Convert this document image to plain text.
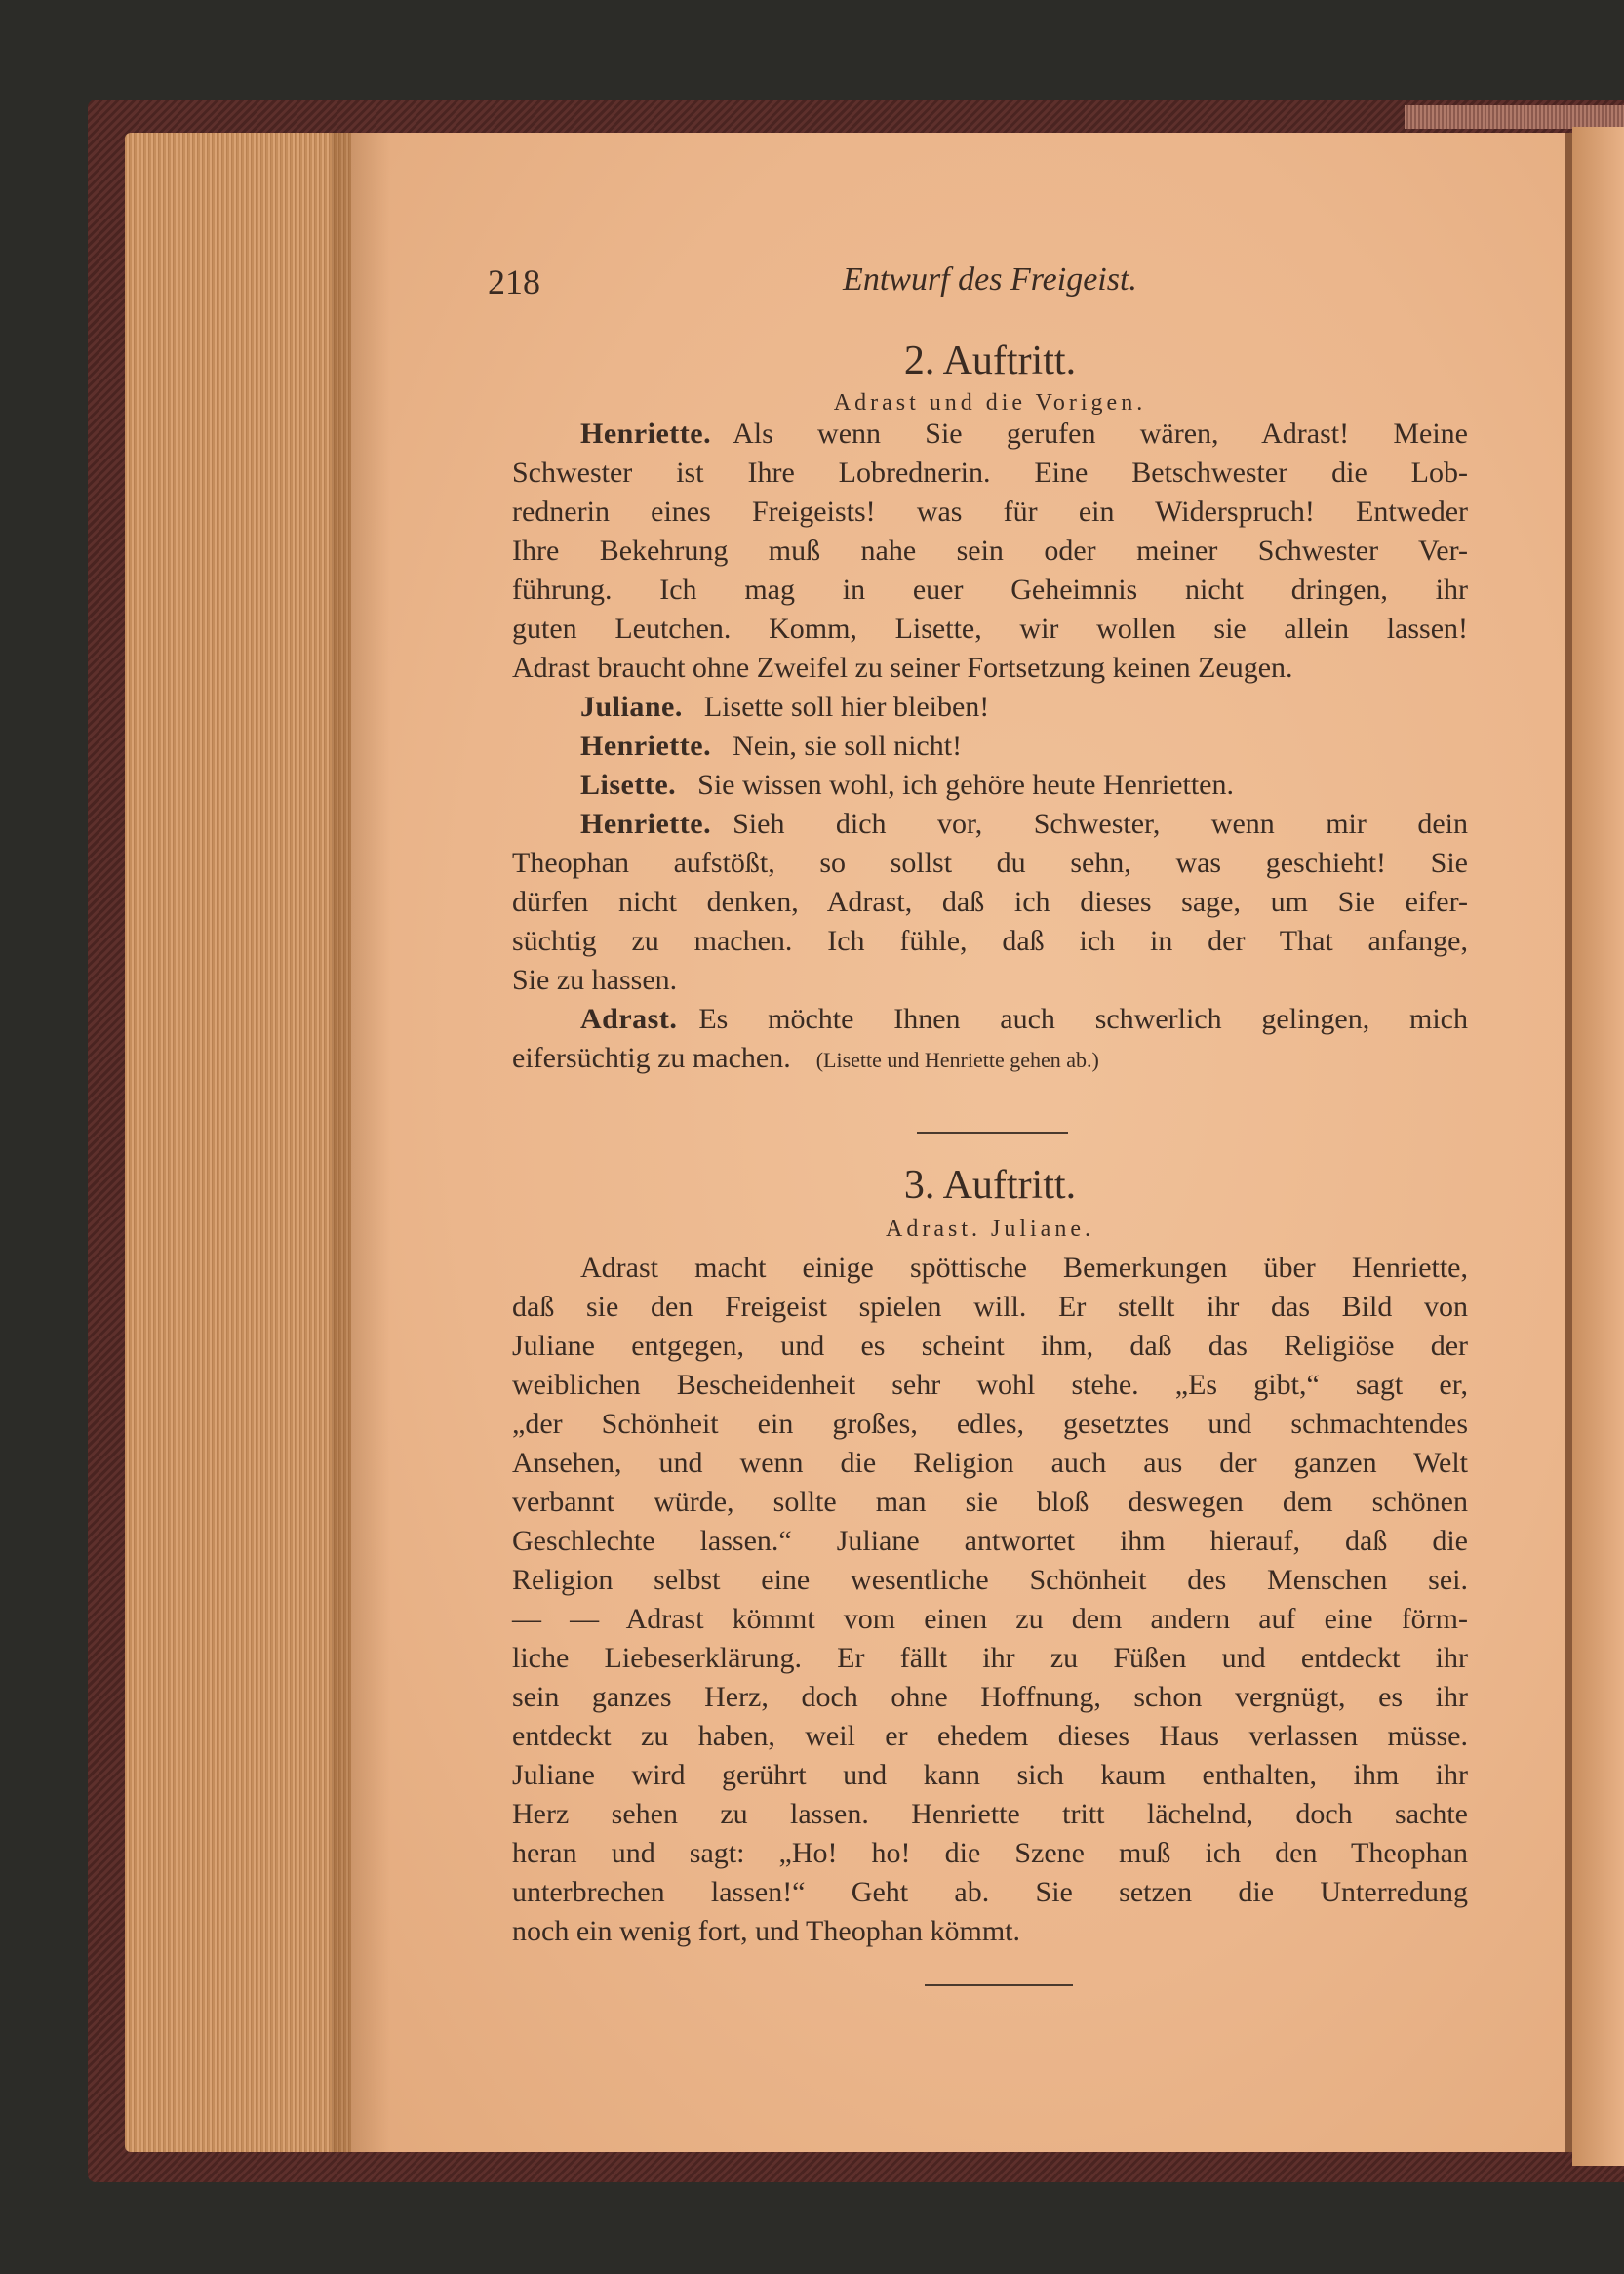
218	Entwurf des Freigeist.
2. Auftritt.
Adrast und die Vorigen.
Henriette. Als wenn Sie gerufen wären, Adrast! Meine
Schwester ist Ihre Lobrednerin. Eine Betschwester die Lob-
rednerin eines Freigeists! was für ein Widerspruch! Entweder
Ihre Bekehrung muß nahe sein oder meiner Schwester Ver-
führung. Ich mag in euer Geheimnis nicht dringen, ihr
guten Leutchen. Komm, Lisette, wir wollen sie allein lassen!
Adrast braucht ohne Zweifel zu seiner Fortsetzung keinen Zeugen.
Juliane. Lisette soll hier bleiben!
Henriette. Nein, sie soll nicht!
Lisette. Sie wissen wohl, ich gehöre heute Henrietten.
Henriette. Sieh dich vor, Schwester, wenn mir dein
Theophan aufstößt, so sollst du sehn, was geschieht! Sie
dürfen nicht denken, Adrast, daß ich dieses sage, um Sie eifer-
süchtig zu machen. Ich fühle, daß ich in der That anfange,
Sie zu hassen.
Adrast. Es möchte Ihnen auch schwerlich gelingen, mich
eifersüchtig zu machen. (Lisette und Henriette gehen ab.)
3. Auftritt.
Adrast. Juliane.
Adrast macht einige spöttische Bemerkungen über Henriette,
daß sie den Freigeist spielen will. Er stellt ihr das Bild von
Juliane entgegen, und es scheint ihm, daß das Religiöse der
weiblichen Bescheidenheit sehr wohl stehe. „Es gibt,“ sagt er,
„der Schönheit ein großes, edles, gesetztes und schmachtendes
Ansehen, und wenn die Religion auch aus der ganzen Welt
verbannt würde, sollte man sie bloß deswegen dem schönen
Geschlechte lassen.“ Juliane antwortet ihm hierauf, daß die
Religion selbst eine wesentliche Schönheit des Menschen sei.
— — Adrast kömmt vom einen zu dem andern auf eine förm-
liche Liebeserklärung. Er fällt ihr zu Füßen und entdeckt ihr
sein ganzes Herz, doch ohne Hoffnung, schon vergnügt, es ihr
entdeckt zu haben, weil er ehedem dieses Haus verlassen müsse.
Juliane wird gerührt und kann sich kaum enthalten, ihm ihr
Herz sehen zu lassen. Henriette tritt lächelnd, doch sachte
heran und sagt: „Ho! ho! die Szene muß ich den Theophan
unterbrechen lassen!“ Geht ab. Sie setzen die Unterredung
noch ein wenig fort, und Theophan kömmt.
